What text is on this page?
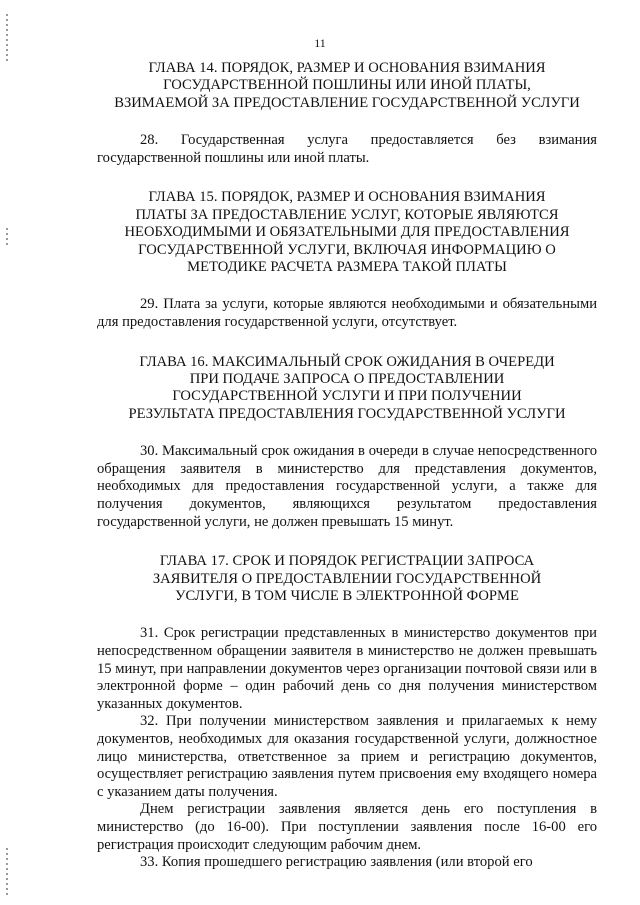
11
ГЛАВА 14. ПОРЯДОК, РАЗМЕР И ОСНОВАНИЯ ВЗИМАНИЯ
ГОСУДАРСТВЕННОЙ ПОШЛИНЫ ИЛИ ИНОЙ ПЛАТЫ,
ВЗИМАЕМОЙ ЗА ПРЕДОСТАВЛЕНИЕ ГОСУДАРСТВЕННОЙ УСЛУГИ

28. Государственная услуга предоставляется без взимания государственной пошлины или иной платы.

ГЛАВА 15. ПОРЯДОК, РАЗМЕР И ОСНОВАНИЯ ВЗИМАНИЯ
ПЛАТЫ ЗА ПРЕДОСТАВЛЕНИЕ УСЛУГ, КОТОРЫЕ ЯВЛЯЮТСЯ
НЕОБХОДИМЫМИ И ОБЯЗАТЕЛЬНЫМИ ДЛЯ ПРЕДОСТАВЛЕНИЯ
ГОСУДАРСТВЕННОЙ УСЛУГИ, ВКЛЮЧАЯ ИНФОРМАЦИЮ О
МЕТОДИКЕ РАСЧЕТА РАЗМЕРА ТАКОЙ ПЛАТЫ

29. Плата за услуги, которые являются необходимыми и обязательными для предоставления государственной услуги, отсутствует.

ГЛАВА 16. МАКСИМАЛЬНЫЙ СРОК ОЖИДАНИЯ В ОЧЕРЕДИ
ПРИ ПОДАЧЕ ЗАПРОСА О ПРЕДОСТАВЛЕНИИ
ГОСУДАРСТВЕННОЙ УСЛУГИ И ПРИ ПОЛУЧЕНИИ
РЕЗУЛЬТАТА ПРЕДОСТАВЛЕНИЯ ГОСУДАРСТВЕННОЙ УСЛУГИ

30. Максимальный срок ожидания в очереди в случае непосредственного обращения заявителя в министерство для представления документов, необходимых для предоставления государственной услуги, а также для получения документов, являющихся результатом предоставления государственной услуги, не должен превышать 15 минут.

ГЛАВА 17. СРОК И ПОРЯДОК РЕГИСТРАЦИИ ЗАПРОСА
ЗАЯВИТЕЛЯ О ПРЕДОСТАВЛЕНИИ ГОСУДАРСТВЕННОЙ
УСЛУГИ, В ТОМ ЧИСЛЕ В ЭЛЕКТРОННОЙ ФОРМЕ

31. Срок регистрации представленных в министерство документов при непосредственном обращении заявителя в министерство не должен превышать 15 минут, при направлении документов через организации почтовой связи или в электронной форме – один рабочий день со дня получения министерством указанных документов.

32. При получении министерством заявления и прилагаемых к нему документов, необходимых для оказания государственной услуги, должностное лицо министерства, ответственное за прием и регистрацию документов, осуществляет регистрацию заявления путем присвоения ему входящего номера с указанием даты получения.

Днем регистрации заявления является день его поступления в министерство (до 16-00). При поступлении заявления после 16-00 его регистрация происходит следующим рабочим днем.

33. Копия прошедшего регистрацию заявления (или второй его
